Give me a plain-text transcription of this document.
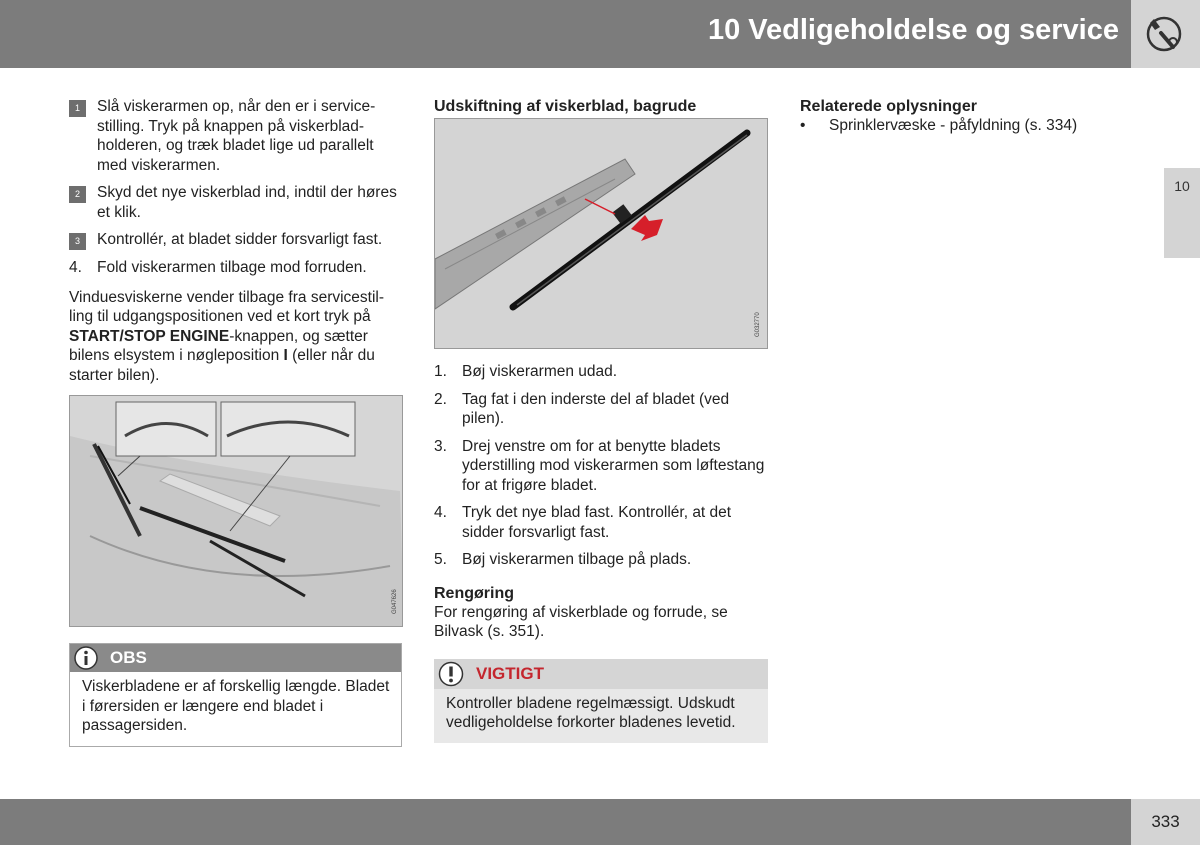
10 Vedligeholdelse og service
10
1	Slå viskerarmen op, når den er i servicestilling. Tryk på knappen på viskerbladholderen, og træk bladet lige ud parallelt med viskerarmen.
2	Skyd det nye viskerblad ind, indtil der høres et klik.
3	Kontrollér, at bladet sidder forsvarligt fast.
4. Fold viskerarmen tilbage mod forruden.

Vinduesviskerne vender tilbage fra servicestilling til udgangspositionen ved et kort tryk på START/STOP ENGINE-knappen, og sætter bilens elsystem i nøgleposition I (eller når du starter bilen).

G047626
OBS
Viskerbladene er af forskellig længde. Bladet i førersiden er længere end bladet i passagersiden.
Udskiftning af viskerblad, bagrude
G032770
1. Bøj viskerarmen udad.
2. Tag fat i den inderste del af bladet (ved pilen).
3. Drej venstre om for at benytte bladets yderstilling mod viskerarmen som løftestang for at frigøre bladet.
4. Tryk det nye blad fast. Kontrollér, at det sidder forsvarligt fast.
5. Bøj viskerarmen tilbage på plads.
Rengøring

For rengøring af viskerblade og forrude, se Bilvask (s. 351).

VIGTIGT
Kontroller bladene regelmæssigt. Udskudt vedligeholdelse forkorter bladenes levetid.
Relaterede oplysninger
•	Sprinklervæske - påfyldning (s. 334)
333
